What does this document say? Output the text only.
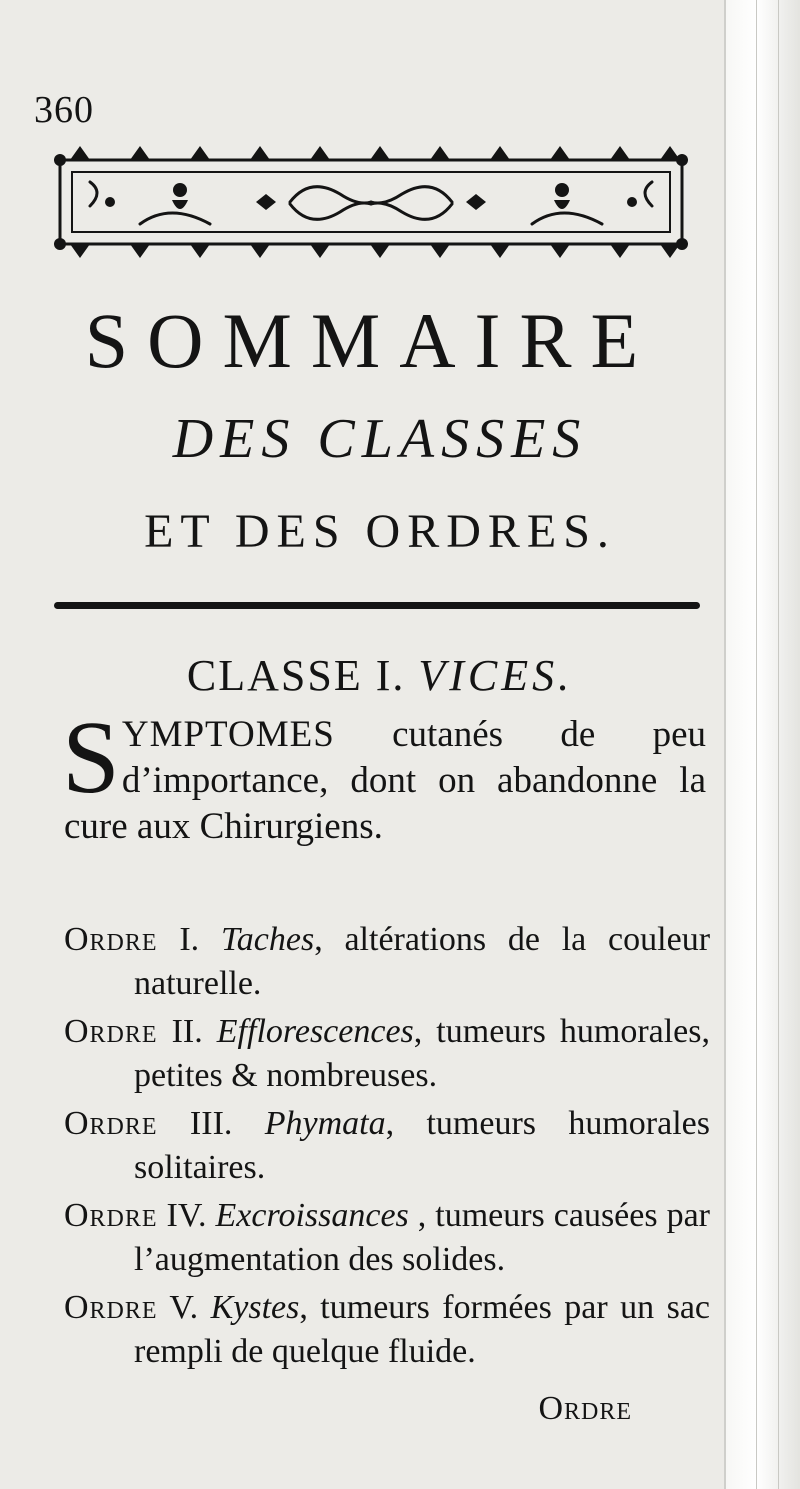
360
SOMMAIRE
DES CLASSES
ET DES ORDRES.
CLASSE I. VICES.
SYMPTOMES cutanés de peu d’importance, dont on abandonne la cure aux Chirurgiens.

Ordre I. Taches, altérations de la couleur naturelle.

Ordre II. Efflorescences, tumeurs humorales, petites & nombreuses.

Ordre III. Phymata, tumeurs humorales solitaires.

Ordre IV. Excroissances , tumeurs causées par l’augmentation des solides.

Ordre V. Kystes, tumeurs formées par un sac rempli de quelque fluide.

Ordre
